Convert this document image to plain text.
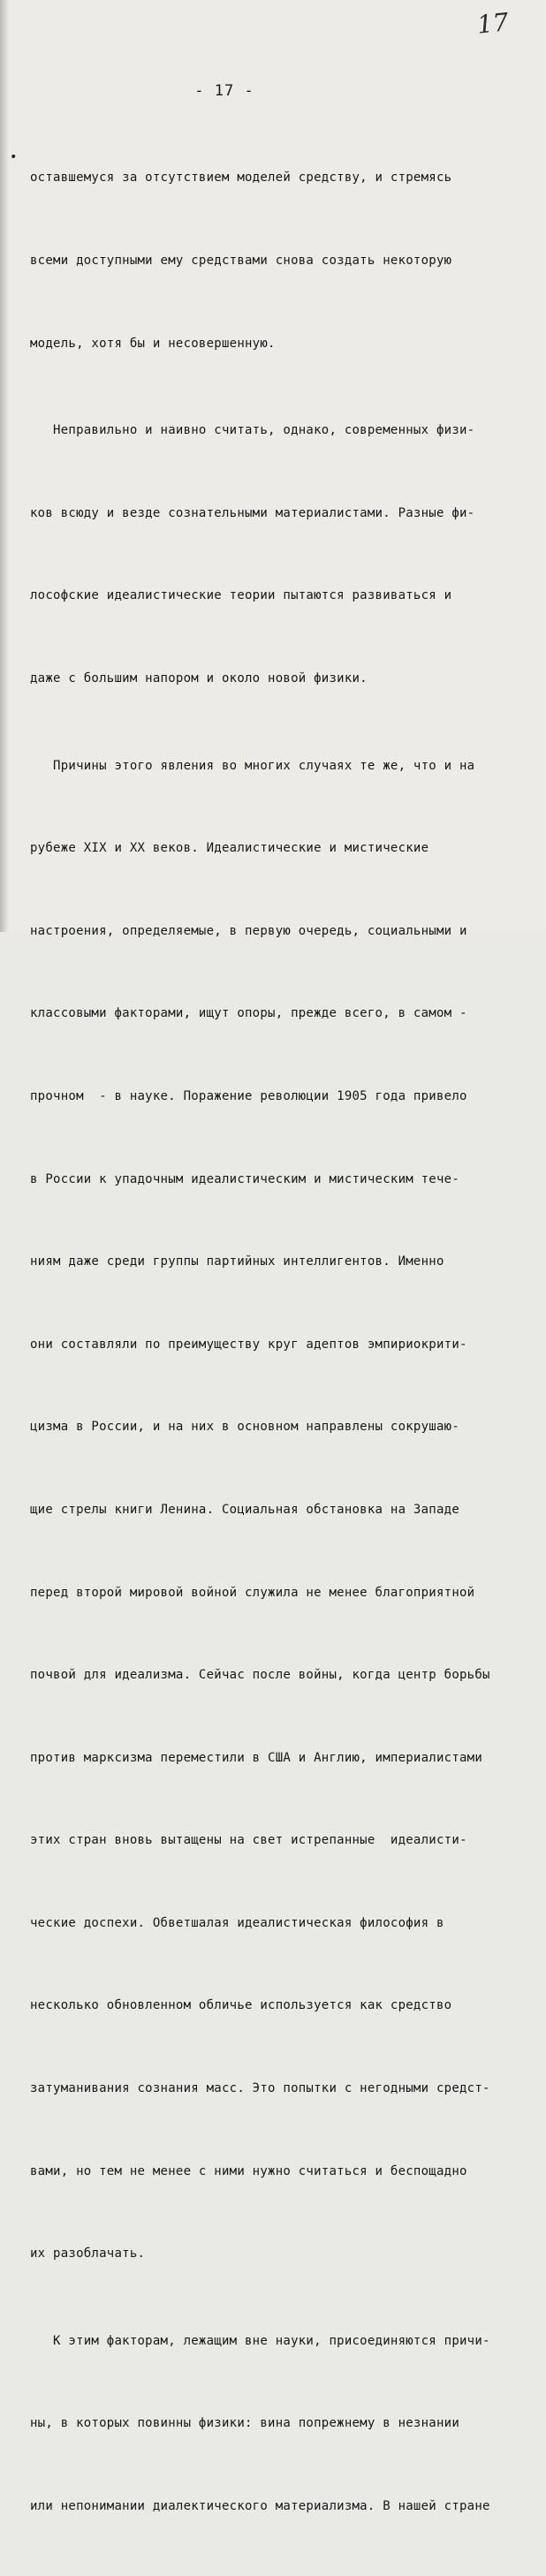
17
- 17 -
•

оставшемуся за отсутствием моделей средству, и стремясь

всеми доступными ему средствами снова создать некоторую

модель, хотя бы и несовершенную.

Неправильно и наивно считать, однако, современных физи-

ков всюду и везде сознательными материалистами. Разные фи-

лософские идеалистические теории пытаются развиваться и

даже с большим напором и около новой физики.

Причины этого явления во многих случаях те же, что и на

рубеже XIX и XX веков. Идеалистические и мистические

настроения, определяемые, в первую очередь, социальными и

классовыми факторами, ищут опоры, прежде всего, в самом -

прочном  - в науке. Поражение революции 1905 года привело

в России к упадочным идеалистическим и мистическим тече-

ниям даже среди группы партийных интеллигентов. Именно

они составляли по преимуществу круг адептов эмпириокрити-

цизма в России, и на них в основном направлены сокрушаю-

щие стрелы книги Ленина. Социальная обстановка на Западе

перед второй мировой войной служила не менее благоприятной

почвой для идеализма. Сейчас после войны, когда центр борьбы

против марксизма переместили в США и Англию, империалистами

этих стран вновь вытащены на свет истрепанные  идеалисти-

ческие доспехи. Обветшалая идеалистическая философия в

несколько обновленном обличье используется как средство

затуманивания сознания масс. Это попытки с негодными средст-

вами, но тем не менее с ними нужно считаться и беспощадно

их разоблачать.

К этим факторам, лежащим вне науки, присоединяются причи-

ны, в которых повинны физики: вина попрежнему в незнании

или непонимании диалектического материализма. В нашей стране
